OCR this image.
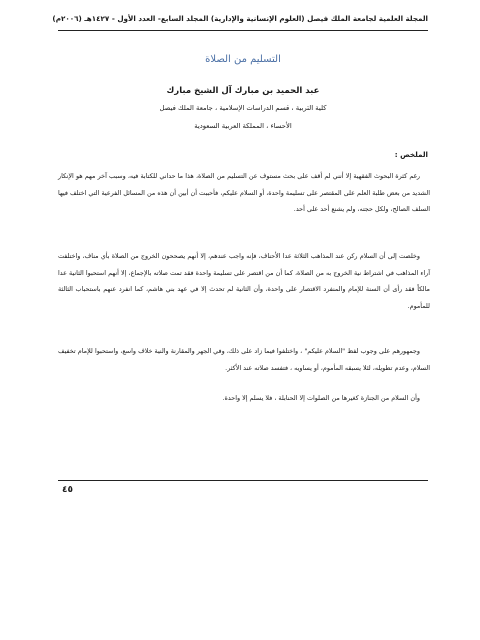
المجلة العلمية لجامعة الملك فيصل (العلوم الإنسانية والإدارية) المجلد السابع- العدد الأول - ١٤٢٧هـ (٢٠٠٦م)
التسليم من الصلاة
عبد الحميد بن مبارك آل الشيخ مبارك
كلية التربية ، قسم الدراسات الإسلامية ، جامعة الملك فيصل
الأحساء ، المملكة العربية السعودية
الملخص :

رغم كثرة البحوث الفقهية إلا أنني لم أقف على بحث مستوف عن التسليم من الصلاة، هذا ما حداني للكتابة فيه، وسبب آخر مهم هو الإنكار الشديد من بعض طلبة العلم على المقتصر على تسليمة واحدة، أو السلام عليكم، فأحببت أن أبين أن هذه من المسائل الفرعية التي اختلف فيها السلف الصالح، ولكل حجته، ولم يشنع أحد على أحد.

وخلصت إلى أن السلام ركن عند المذاهب الثلاثة عدا الأحناف، فإنه واجب عندهم، إلا أنهم يصححون الخروج من الصلاة بأي مناف، واختلفت آراء المذاهب في اشتراط نية الخروج به من الصلاة، كما أن من اقتصر على تسليمة واحدة فقد تمت صلاته بالإجماع، إلا أنهم استحبوا الثانية عدا مالكاً فقد رأى أن السنة للإمام والمنفرد الاقتصار على واحدة، وأن الثانية لم تحدث إلا في عهد بني هاشم، كما انفرد عنهم باستحباب الثالثة للمأموم.

وجمهورهم على وجوب لفظ "السلام عليكم" ، واختلفوا فيما زاد على ذلك، وفي الجهر والمقارنة والنية خلاف واسع، واستحبوا للإمام تخفيف السلام، وعدم تطويله، لئلا يسبقه المأموم، أو يساويه ، فتفسد صلاته عند الأكثر.

وأن السلام من الجنازة كغيرها من الصلوات إلا الحنابلة ، فلا يسلم إلا واحدة.

٤٥
